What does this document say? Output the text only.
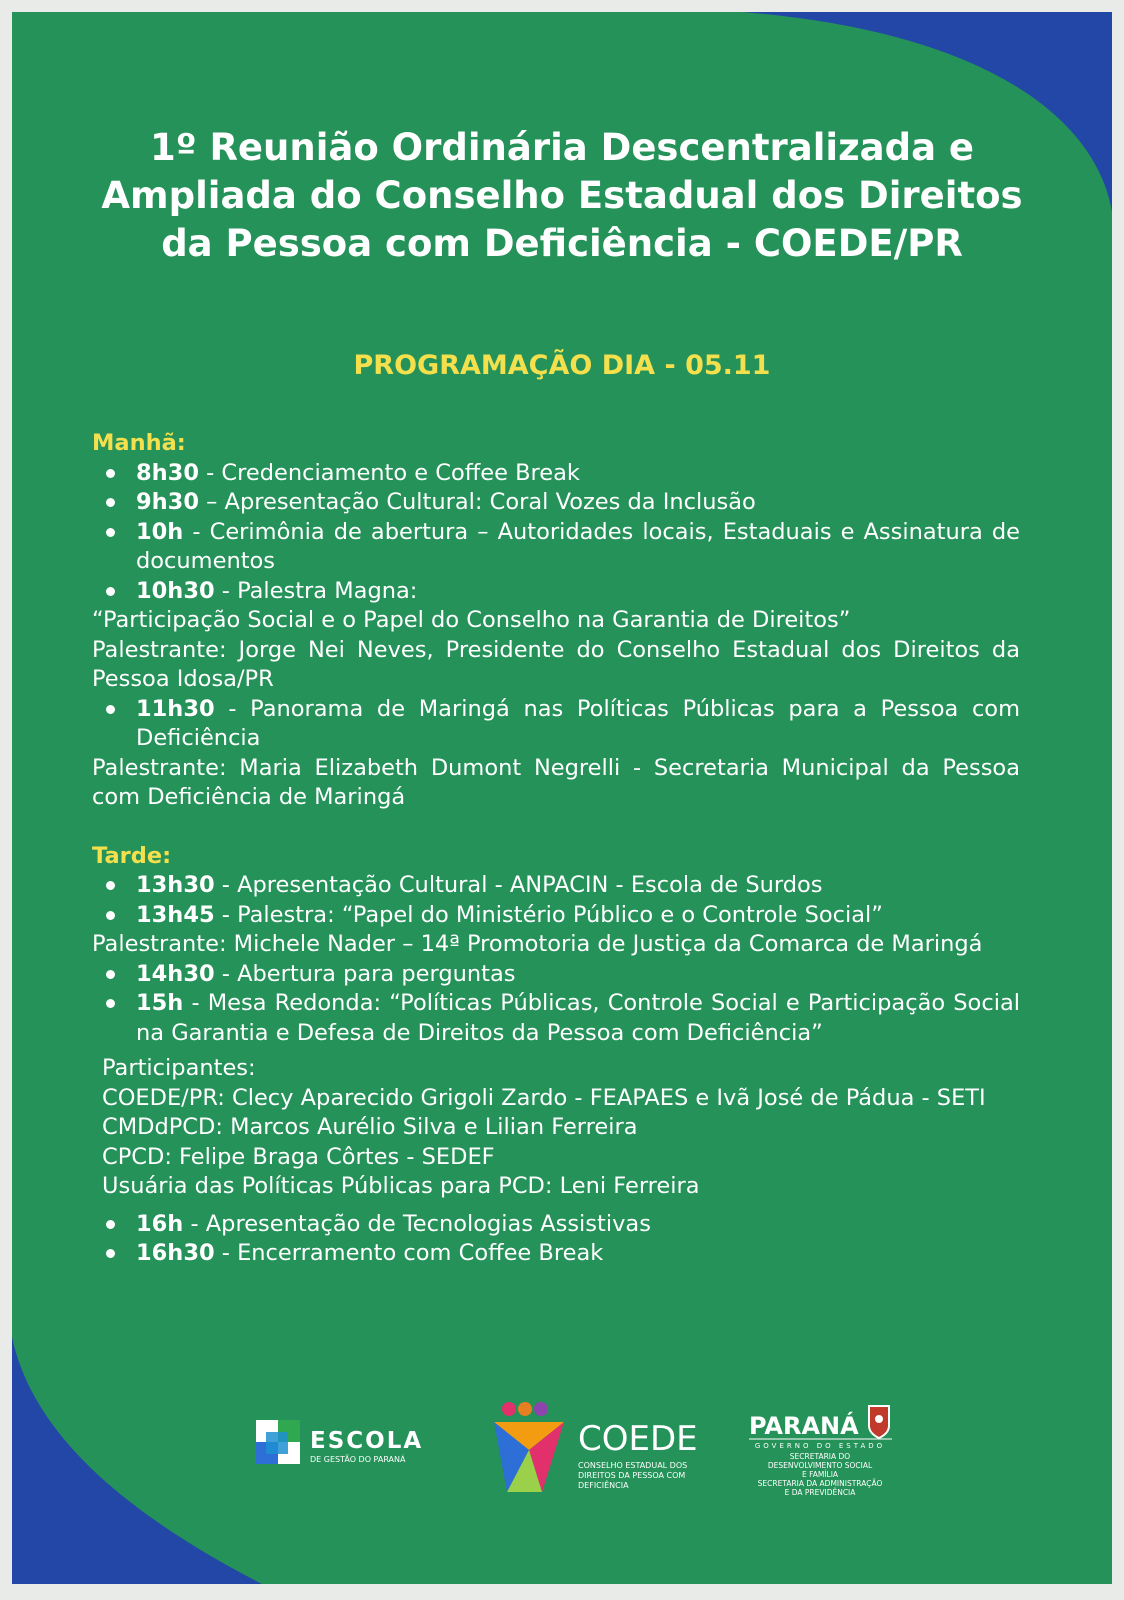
1º Reunião Ordinária Descentralizada e
Ampliada do Conselho Estadual dos Direitos
da Pessoa com Deficiência - COEDE/PR
PROGRAMAÇÃO DIA - 05.11
Manhã:
8h30 - Credenciamento e Coffee Break
9h30 – Apresentação Cultural: Coral Vozes da Inclusão
10h - Cerimônia de abertura – Autoridades locais, Estaduais e Assinatura de documentos
10h30 - Palestra Magna:
“Participação Social e o Papel do Conselho na Garantia de Direitos”
Palestrante: Jorge Nei Neves, Presidente do Conselho Estadual dos Direitos da Pessoa Idosa/PR
11h30 - Panorama de Maringá nas Políticas Públicas para a Pessoa com Deficiência
Palestrante: Maria Elizabeth Dumont Negrelli - Secretaria Municipal da Pessoa com Deficiência de Maringá
Tarde:
13h30 - Apresentação Cultural - ANPACIN - Escola de Surdos
13h45 - Palestra: “Papel do Ministério Público e o Controle Social”
Palestrante: Michele Nader – 14ª Promotoria de Justiça da Comarca de Maringá
14h30 - Abertura para perguntas
15h - Mesa Redonda: “Políticas Públicas, Controle Social e Participação Social na Garantia e Defesa de Direitos da Pessoa com Deficiência”
Participantes:
COEDE/PR: Clecy Aparecido Grigoli Zardo - FEAPAES e Ivã José de Pádua - SETI
CMDdPCD: Marcos Aurélio Silva e Lilian Ferreira
CPCD: Felipe Braga Côrtes - SEDEF
Usuária das Políticas Públicas para PCD: Leni Ferreira
16h - Apresentação de Tecnologias Assistivas
16h30 - Encerramento com Coffee Break
ESCOLA
DE GESTÃO DO PARANÁ
COEDE
CONSELHO ESTADUAL DOS
DIREITOS DA PESSOA COM
DEFICIÊNCIA
PARANÁ
GOVERNO DO ESTADO
SECRETARIA DO
DESENVOLVIMENTO SOCIAL
E FAMÍLIA
SECRETARIA DA ADMINISTRAÇÃO
E DA PREVIDÊNCIA
